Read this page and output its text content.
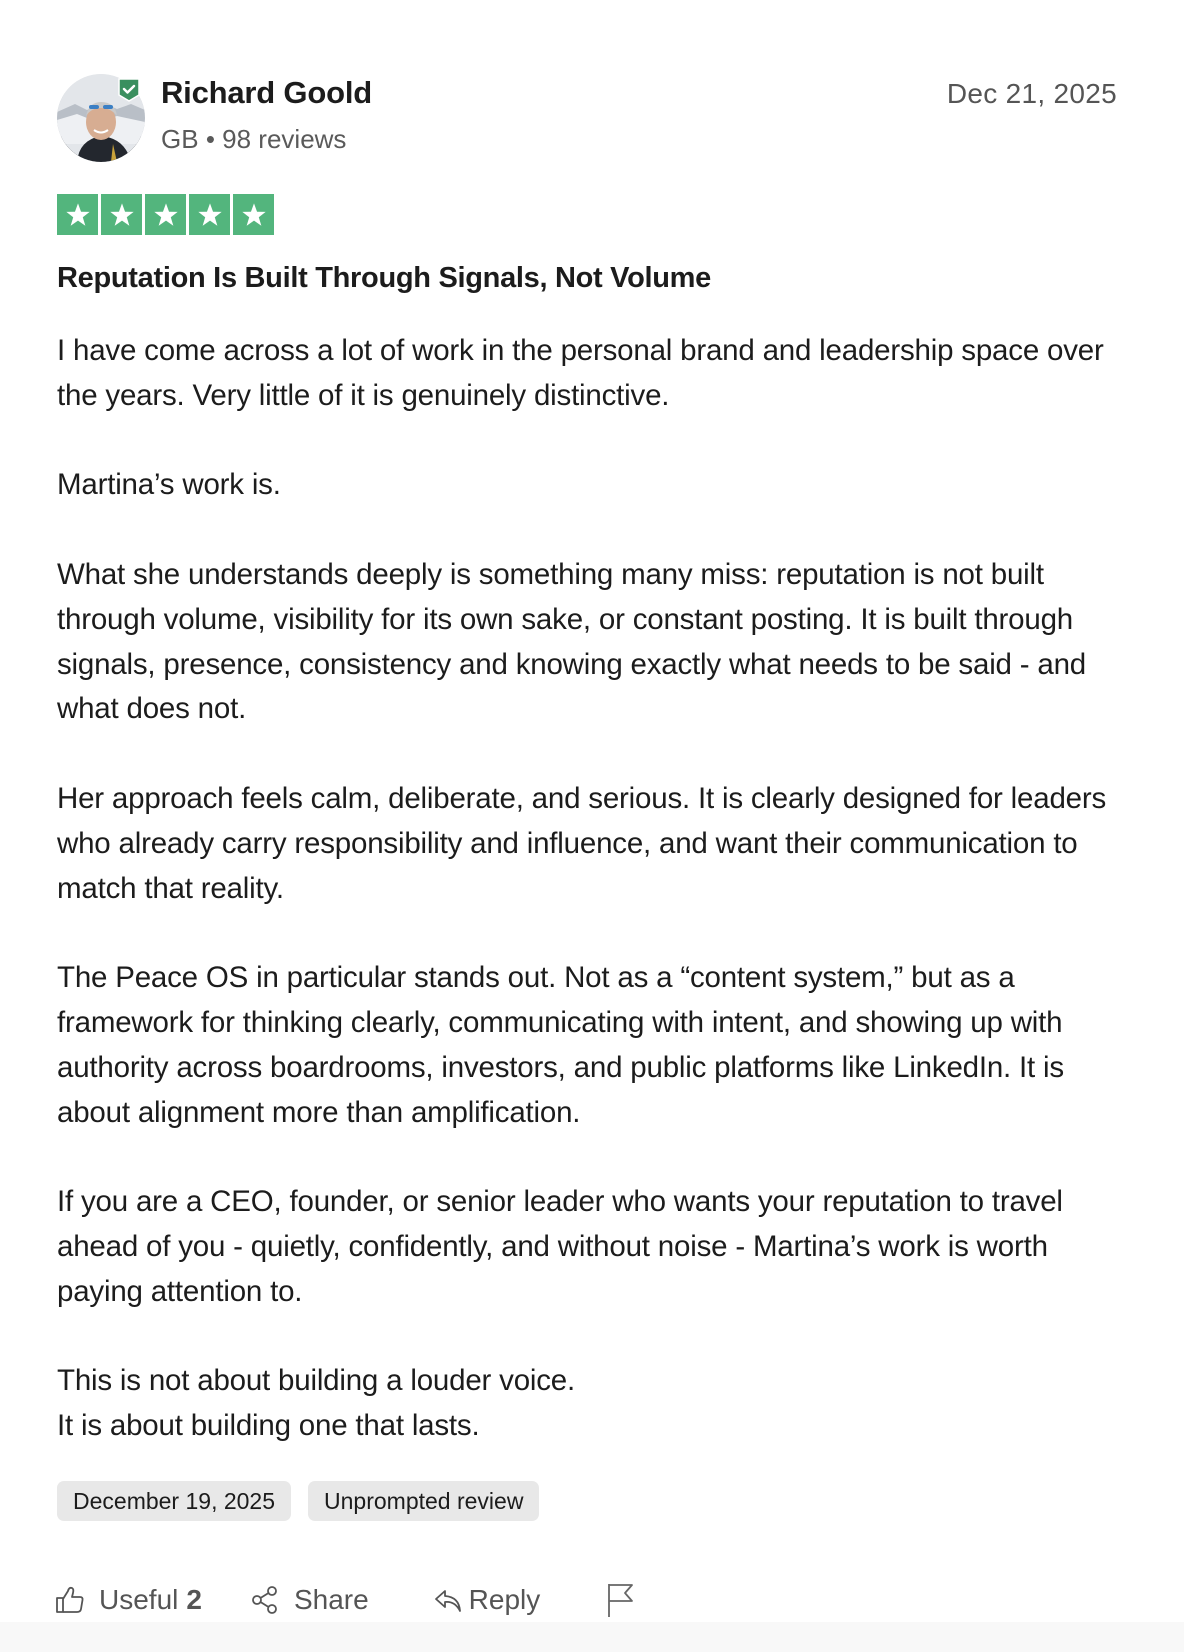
Richard Goold
GB • 98 reviews
Dec 21, 2025
Reputation Is Built Through Signals, Not Volume

I have come across a lot of work in the personal brand and leadership space over the years. Very little of it is genuinely distinctive.

Martina’s work is.

What she understands deeply is something many miss: reputation is not built through volume, visibility for its own sake, or constant posting. It is built through signals, presence, consistency and knowing exactly what needs to be said - and what does not.

Her approach feels calm, deliberate, and serious. It is clearly designed for leaders who already carry responsibility and influence, and want their communication to match that reality.

The Peace OS in particular stands out. Not as a “content system,” but as a framework for thinking clearly, communicating with intent, and showing up with authority across boardrooms, investors, and public platforms like LinkedIn. It is about alignment more than amplification.

If you are a CEO, founder, or senior leader who wants your reputation to travel ahead of you - quietly, confidently, and without noise - Martina’s work is worth paying attention to.

This is not about building a louder voice.
It is about building one that lasts.

December 19, 2025	Unprompted review
Useful 2	Share	Reply
